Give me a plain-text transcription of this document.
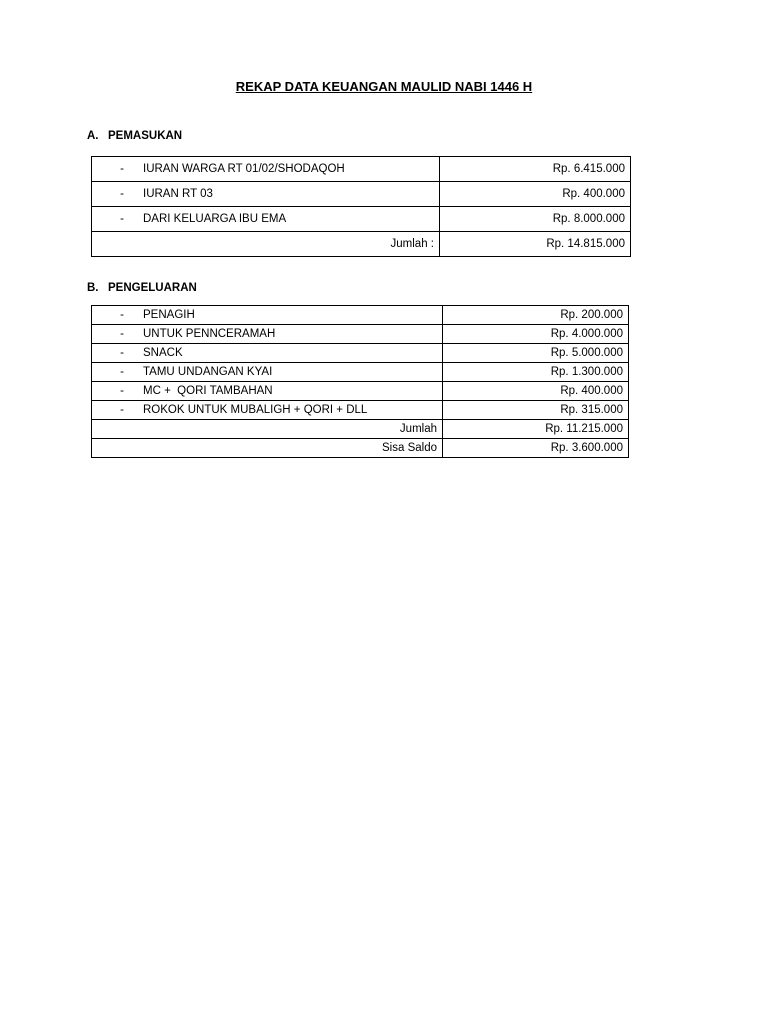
REKAP DATA KEUANGAN MAULID NABI 1446 H
A. PEMASUKAN
- IURAN WARGA RT 01/02/SHODAQOH	Rp. 6.415.000
- IURAN RT 03	Rp. 400.000
- DARI KELUARGA IBU EMA	Rp. 8.000.000
Jumlah :	Rp. 14.815.000
B. PENGELUARAN
- PENAGIH	Rp. 200.000
- UNTUK PENNCERAMAH	Rp. 4.000.000
- SNACK	Rp. 5.000.000
- TAMU UNDANGAN KYAI	Rp. 1.300.000
- MC +  QORI TAMBAHAN	Rp. 400.000
- ROKOK UNTUK MUBALIGH + QORI + DLL	Rp. 315.000
Jumlah	Rp. 11.215.000
Sisa Saldo	Rp. 3.600.000
